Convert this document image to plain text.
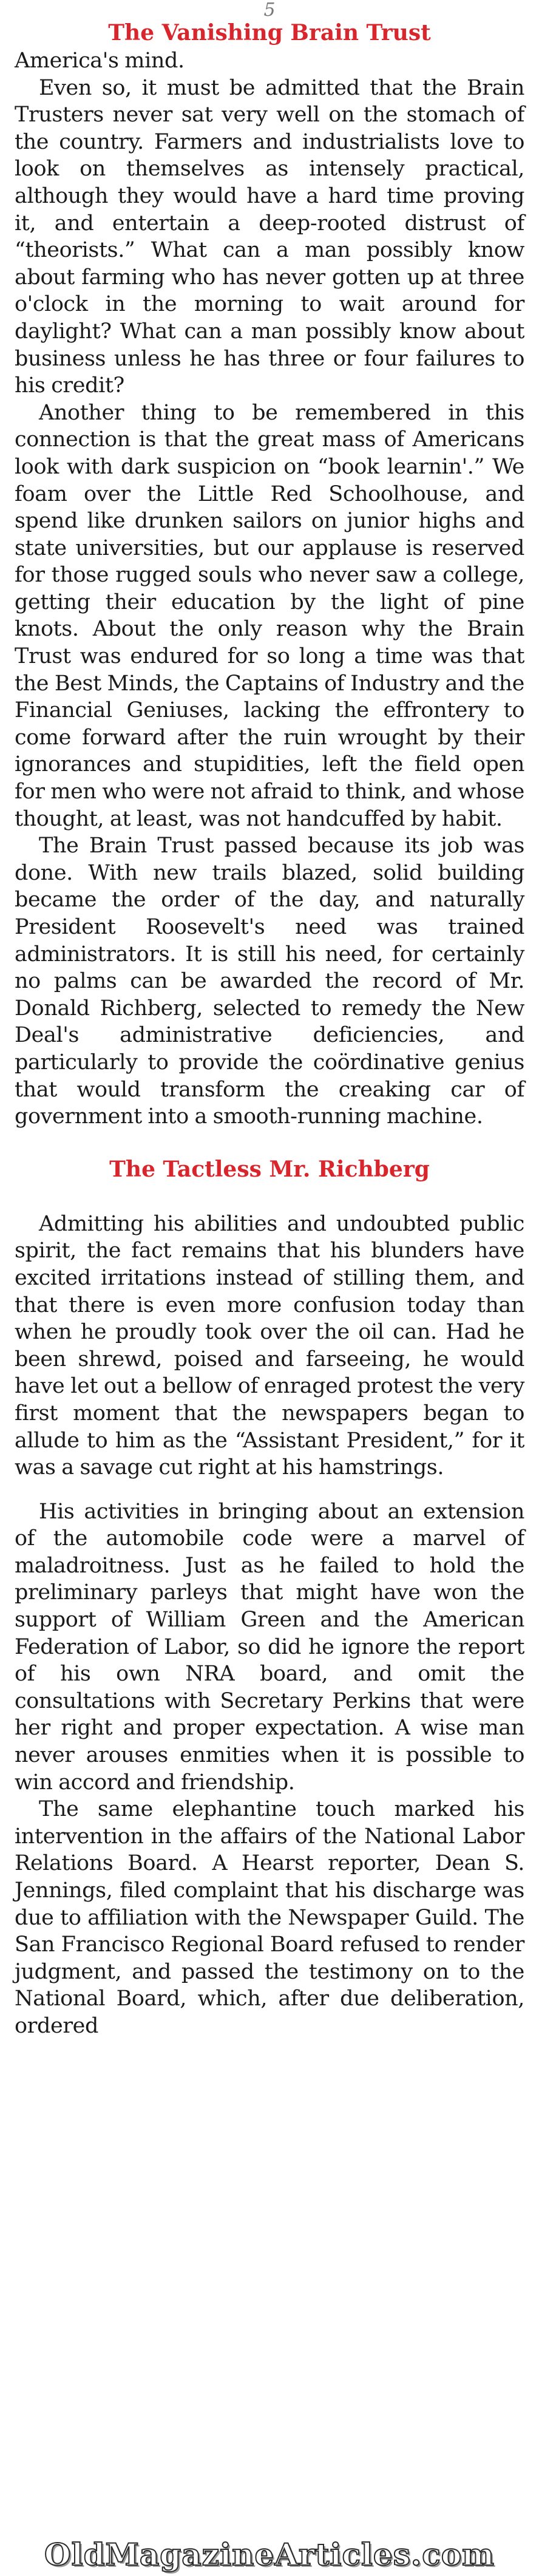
5
The Vanishing Brain Trust

America's mind.

Even so, it must be admitted that the Brain Trusters never sat very well on the stomach of the country. Farmers and industrialists love to look on themselves as intensely practical, although they would have a hard time proving it, and entertain a deep-rooted distrust of “theorists.” What can a man possibly know about farming who has never gotten up at three o'clock in the morning to wait around for daylight? What can a man possibly know about business unless he has three or four failures to his credit?

Another thing to be remembered in this connection is that the great mass of Americans look with dark suspicion on “book learnin'.” We foam over the Little Red Schoolhouse, and spend like drunken sailors on junior highs and state universities, but our applause is reserved for those rugged souls who never saw a college, getting their education by the light of pine knots. About the only reason why the Brain Trust was endured for so long a time was that the Best Minds, the Captains of Industry and the Financial Geniuses, lacking the effrontery to come forward after the ruin wrought by their ignorances and stupidities, left the field open for men who were not afraid to think, and whose thought, at least, was not handcuffed by habit.

The Brain Trust passed because its job was done. With new trails blazed, solid building became the order of the day, and naturally President Roosevelt's need was trained administrators. It is still his need, for certainly no palms can be awarded the record of Mr. Donald Richberg, selected to remedy the New Deal's administrative deficiencies, and particularly to provide the coördinative genius that would transform the creaking car of government into a smooth-running machine.

The Tactless Mr. Richberg

Admitting his abilities and undoubted public spirit, the fact remains that his blunders have excited irritations instead of stilling them, and that there is even more confusion today than when he proudly took over the oil can. Had he been shrewd, poised and farseeing, he would have let out a bellow of enraged protest the very first moment that the newspapers began to allude to him as the “Assistant President,” for it was a savage cut right at his hamstrings.

His activities in bringing about an extension of the automobile code were a marvel of maladroitness. Just as he failed to hold the preliminary parleys that might have won the support of William Green and the American Federation of Labor, so did he ignore the report of his own NRA board, and omit the consultations with Secretary Perkins that were her right and proper expectation. A wise man never arouses enmities when it is possible to win accord and friendship.

The same elephantine touch marked his intervention in the affairs of the National Labor Relations Board. A Hearst reporter, Dean S. Jennings, filed complaint that his discharge was due to affiliation with the Newspaper Guild. The San Francisco Regional Board refused to render judgment, and passed the testimony on to the National Board, which, after due deliberation, ordered

OldMagazineArticles.com
